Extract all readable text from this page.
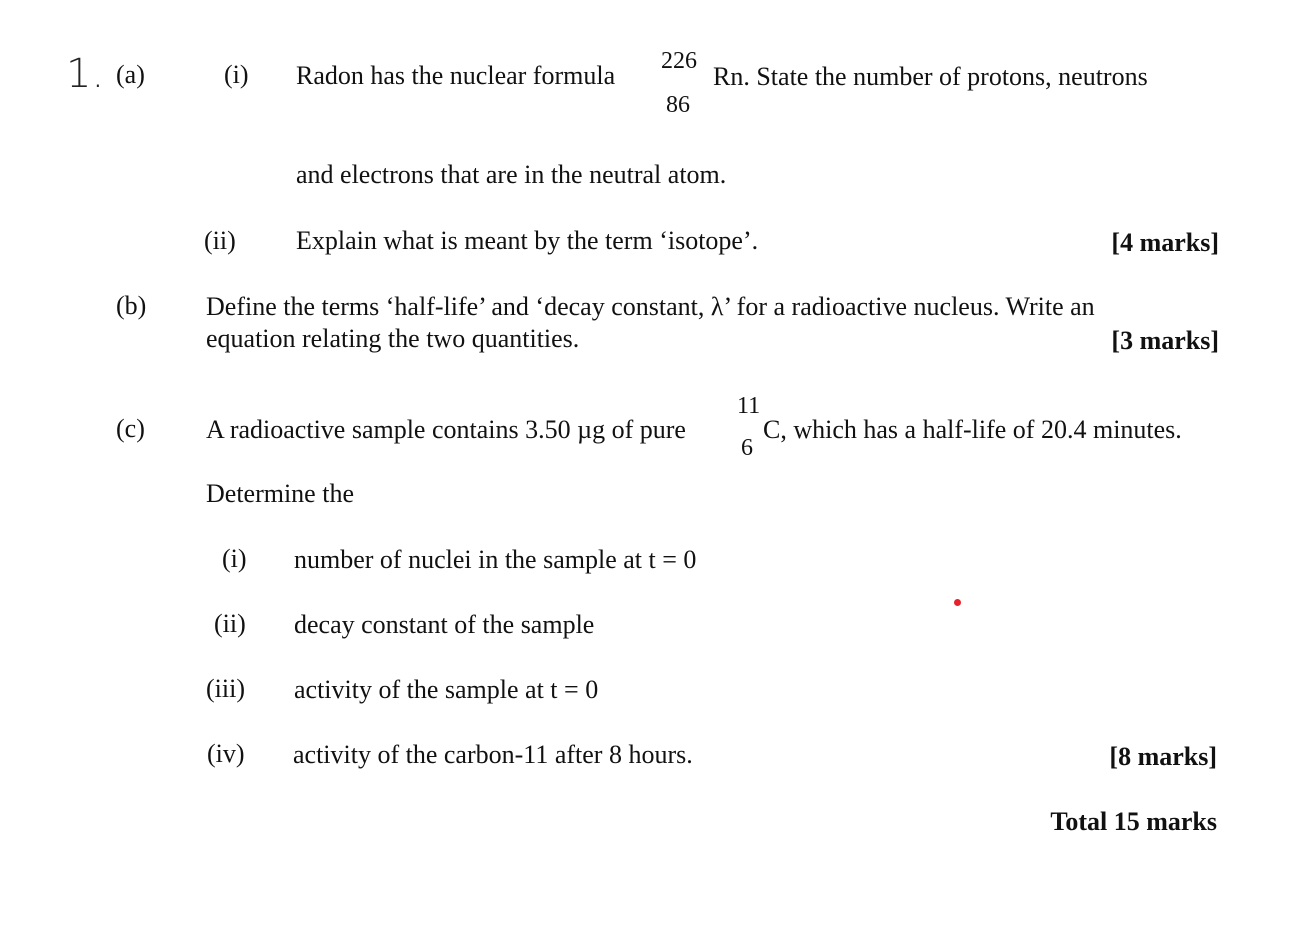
1. (a)	(i) Radon has the nuclear formula 226
86
Rn. State the number of protons, neutrons
and electrons that are in the neutral atom.
(ii) Explain what is meant by the term ‘isotope’.	[4 marks]
(b) Define the terms ‘half-life’ and ‘decay constant, λ’ for a radioactive nucleus. Write an
equation relating the two quantities.	[3 marks]
(c) A radioactive sample contains 3.50 µg of pure
11
6
C, which has a half-life of 20.4 minutes.
Determine the
(i) number of nuclei in the sample at t = 0
(ii) decay constant of the sample
(iii) activity of the sample at t = 0
(iv) activity of the carbon-11 after 8 hours.	[8 marks]
Total 15 marks
